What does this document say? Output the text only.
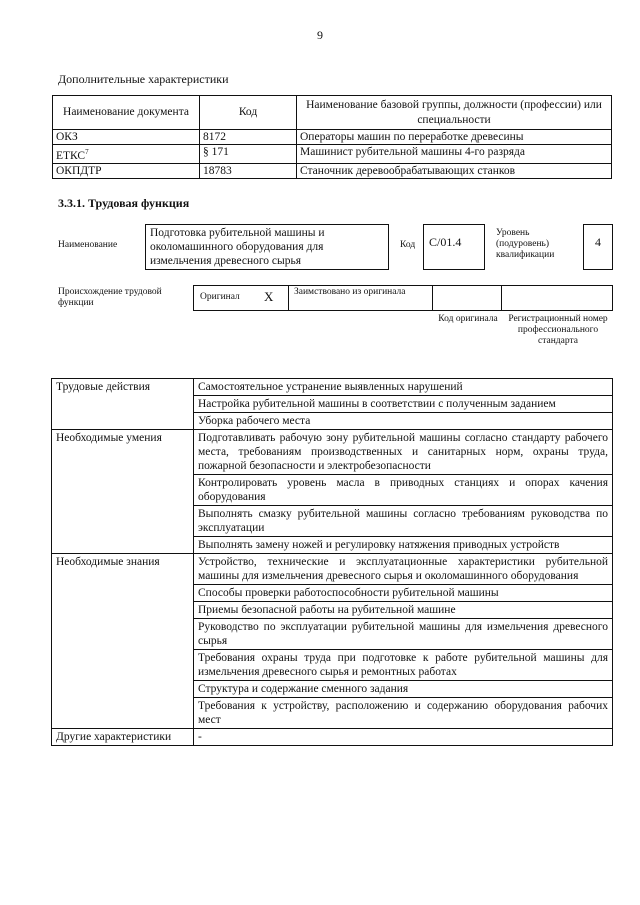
9
Дополнительные характеристики
Наименование документа	Код	Наименование базовой группы, должности (профессии) или специальности
ОКЗ	8172	Операторы машин по переработке древесины
ЕТКС$^7$	§ 171	Машинист рубительной машины 4-го разряда
ОКПДТР	18783	Станочник деревообрабатывающих станков
3.3.1. Трудовая функция
Наименование
Подготовка рубительной машины и околомашинного оборудования для измельчения древесного сырья
Код	C/01.4
Уровень (подуровень) квалификации
4
Происхождение трудовой функции
Оригинал X Заимствовано из оригинала
Код оригинала	Регистрационный номер профессионального стандарта
Трудовые действия	Самостоятельное устранение выявленных нарушений
	Настройка рубительной машины в соответствии с полученным заданием
	Уборка рабочего места
Необходимые умения	Подготавливать рабочую зону рубительной машины согласно стандарту рабочего места, требованиям производственных и санитарных норм, охраны труда, пожарной безопасности и электробезопасности
	Контролировать уровень масла в приводных станциях и опорах качения оборудования
	Выполнять смазку рубительной машины согласно требованиям руководства по эксплуатации
	Выполнять замену ножей и регулировку натяжения приводных устройств
Необходимые знания	Устройство, технические и эксплуатационные характеристики рубительной машины для измельчения древесного сырья и околомашинного оборудования
	Способы проверки работоспособности рубительной машины
	Приемы безопасной работы на рубительной машине
	Руководство по эксплуатации рубительной машины для измельчения древесного сырья
	Требования охраны труда при подготовке к работе рубительной машины для измельчения древесного сырья и ремонтных работах
	Структура и содержание сменного задания
	Требования к устройству, расположению и содержанию оборудования рабочих мест
Другие характеристики	-
